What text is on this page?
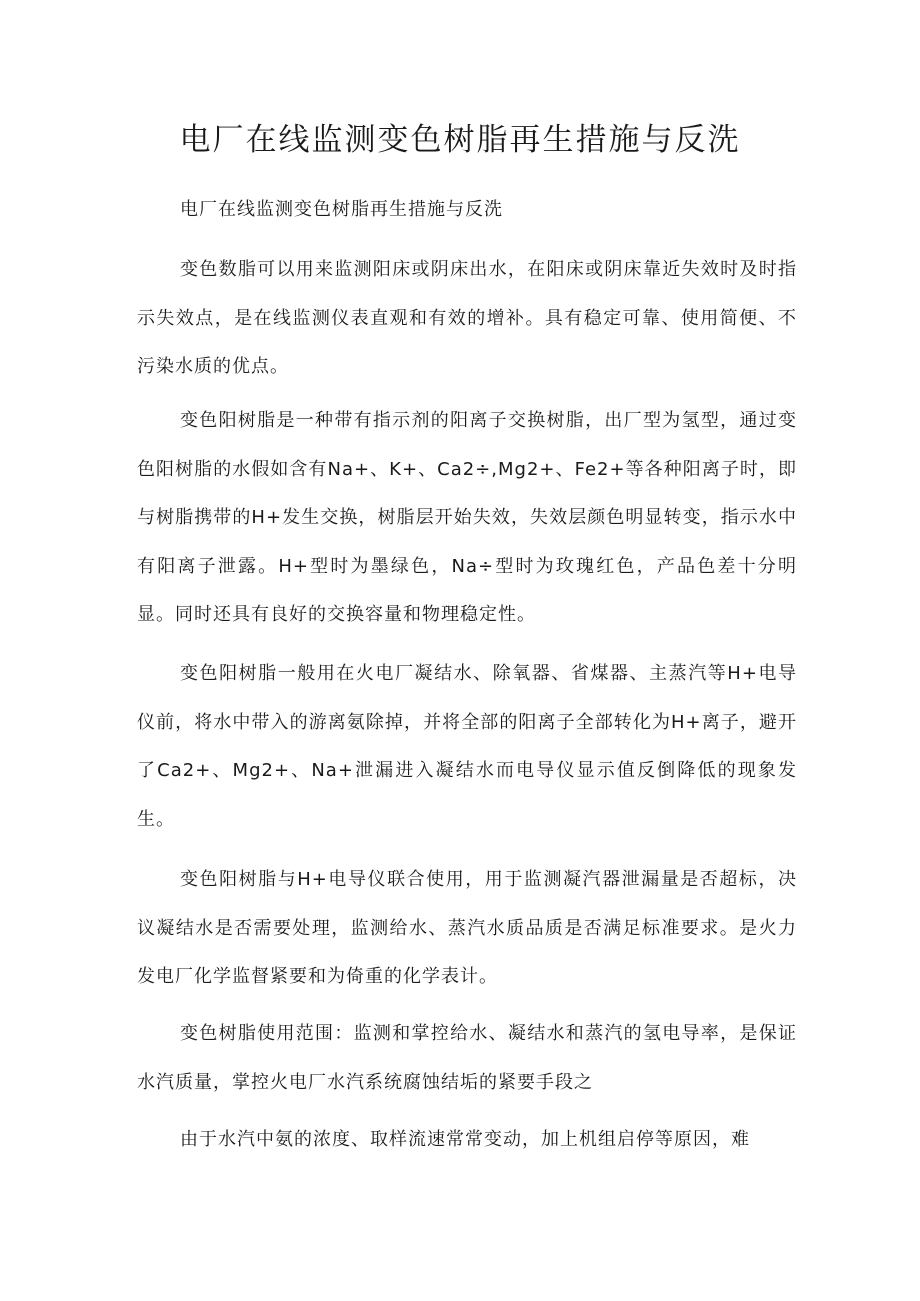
电厂在线监测变色树脂再生措施与反洗

电厂在线监测变色树脂再生措施与反洗

变色数脂可以用来监测阳床或阴床出水，在阳床或阴床靠近失效时及时指示失效点，是在线监测仪表直观和有效的增补。具有稳定可靠、使用简便、不污染水质的优点。

变色阳树脂是一种带有指示剂的阳离子交换树脂，出厂型为氢型，通过变色阳树脂的水假如含有Na+、K+、Ca2÷,Mg2+、Fe2+等各种阳离子时，即与树脂携带的H+发生交换，树脂层开始失效，失效层颜色明显转变，指示水中有阳离子泄露。H+型时为墨绿色，Na÷型时为玫瑰红色，产品色差十分明显。同时还具有良好的交换容量和物理稳定性。

变色阳树脂一般用在火电厂凝结水、除氧器、省煤器、主蒸汽等H+电导仪前，将水中带入的游离氨除掉，并将全部的阳离子全部转化为H+离子，避开了Ca2+、Mg2+、Na+泄漏进入凝结水而电导仪显示值反倒降低的现象发生。

变色阳树脂与H+电导仪联合使用，用于监测凝汽器泄漏量是否超标，决议凝结水是否需要处理，监测给水、蒸汽水质品质是否满足标准要求。是火力发电厂化学监督紧要和为倚重的化学表计。

变色树脂使用范围：监测和掌控给水、凝结水和蒸汽的氢电导率，是保证水汽质量，掌控火电厂水汽系统腐蚀结垢的紧要手段之

由于水汽中氨的浓度、取样流速常常变动，加上机组启停等原因，难
